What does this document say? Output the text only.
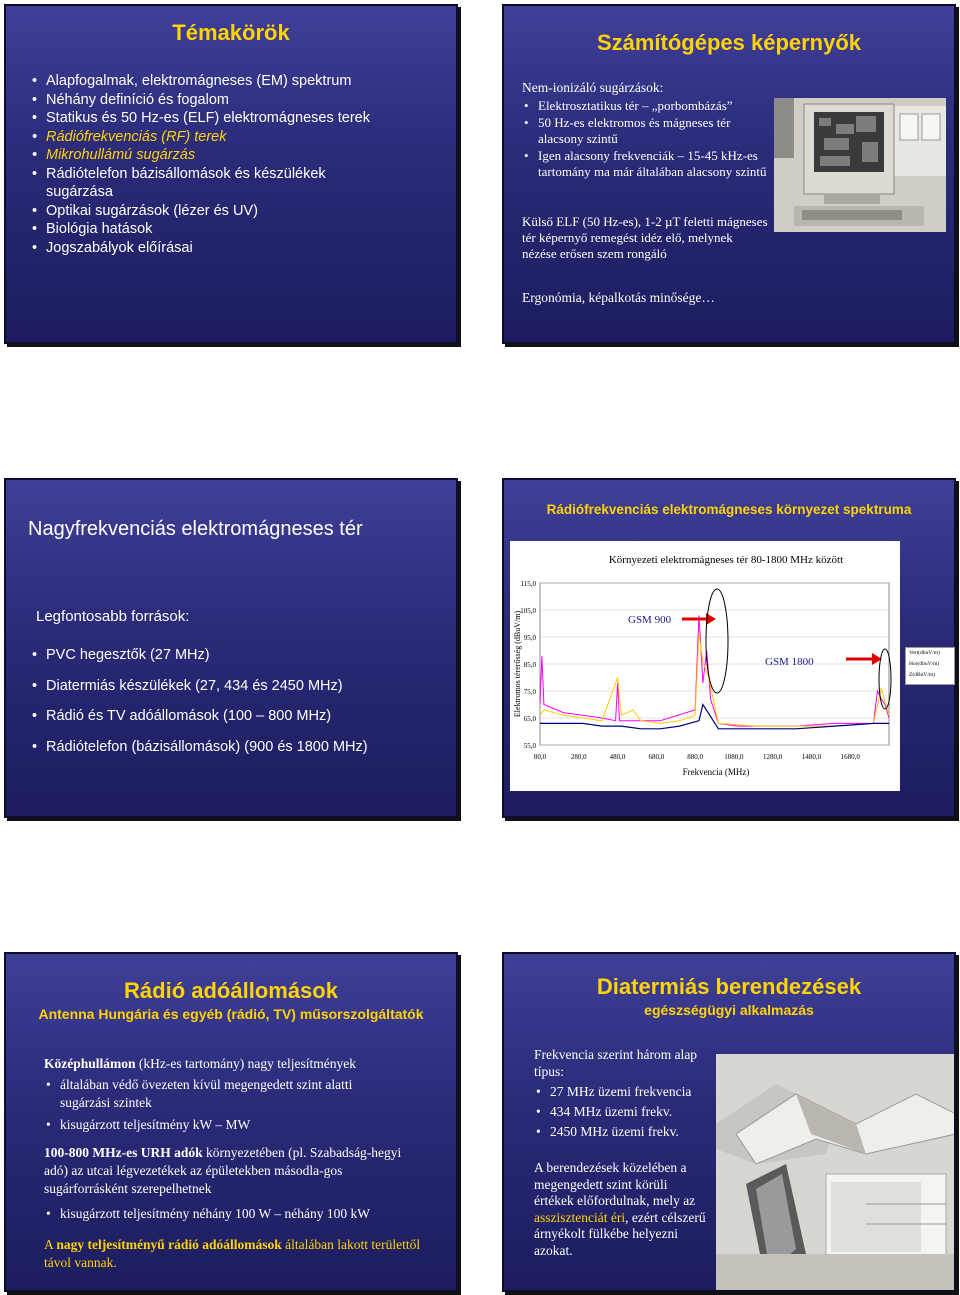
Témakörök
• Alapfogalmak, elektromágneses (EM) spektrum
• Néhány definíció és fogalom
• Statikus és 50 Hz-es (ELF) elektromágneses terek
• Rádiófrekvenciás (RF) terek
• Mikrohullámú sugárzás
• Rádiótelefon bázisállomások és készülékek sugárzása
• Optikai sugárzások (lézer és UV)
• Biológia hatások
• Jogszabályok előírásai
Számítógépes képernyők
Nem-ionizáló sugárzások:
• Elektrosztatikus tér – „porbombázás”
• 50 Hz-es elektromos és mágneses tér alacsony szintű
• Igen alacsony frekvenciák – 15-45 kHz-es tartomány ma már általában alacsony szintű
Külső ELF (50 Hz-es), 1-2 µT feletti mágneses tér képernyő remegést idéz elő, melynek nézése erősen szem rongáló
Ergonómia, képalkotás minősége…
Nagyfrekvenciás elektromágneses tér
Legfontosabb források:
• PVC hegesztők (27 MHz)
• Diatermiás készülékek (27, 434 és 2450 MHz)
• Rádió és TV adóállomások (100 – 800 MHz)
• Rádiótelefon (bázisállomások) (900 és 1800 MHz)
Rádiófrekvenciás elektromágneses környezet spektruma
Környezeti elektromágneses tér 80-1800 MHz között
55,0
65,0
75,0
85,0
95,0
105,0
115,0
80,0	280,0	480,0	680,0	880,0	1080,0	1280,0	1480,0	1680,0
Elektromos térerősség (dBuV/m)
Frekvencia (MHz)
GSM 900
GSM 1800
Vert(dbuV/m)
Hor(dbuV/m)
Z(dBuV/m)
Rádió adóállomások
Antenna Hungária és egyéb (rádió, TV) műsorszolgáltatók
Középhullámon (kHz-es tartomány) nagy teljesítmények
• általában védő övezeten kívül megengedett szint alatti sugárzási szintek
• kisugárzott teljesítmény kW – MW
100-800 MHz-es URH adók környezetében (pl. Szabadság-hegyi adó) az utcai légvezetékek az épületekben másodla-gos sugárforrásként szerepelhetnek
• kisugárzott teljesítmény néhány 100 W – néhány 100 kW
A nagy teljesítményű rádió adóállomások általában lakott területtől távol vannak.
Diatermiás berendezések
egészségügyi alkalmazás
Frekvencia szerint három alap típus:
• 27 MHz üzemi frekvencia
• 434 MHz üzemi frekv.
• 2450 MHz üzemi frekv.
A berendezések közelében a megengedett szint körüli értékek előfordulnak, mely az asszisztenciát éri, ezért célszerű árnyékolt fülkébe helyezni azokat.
